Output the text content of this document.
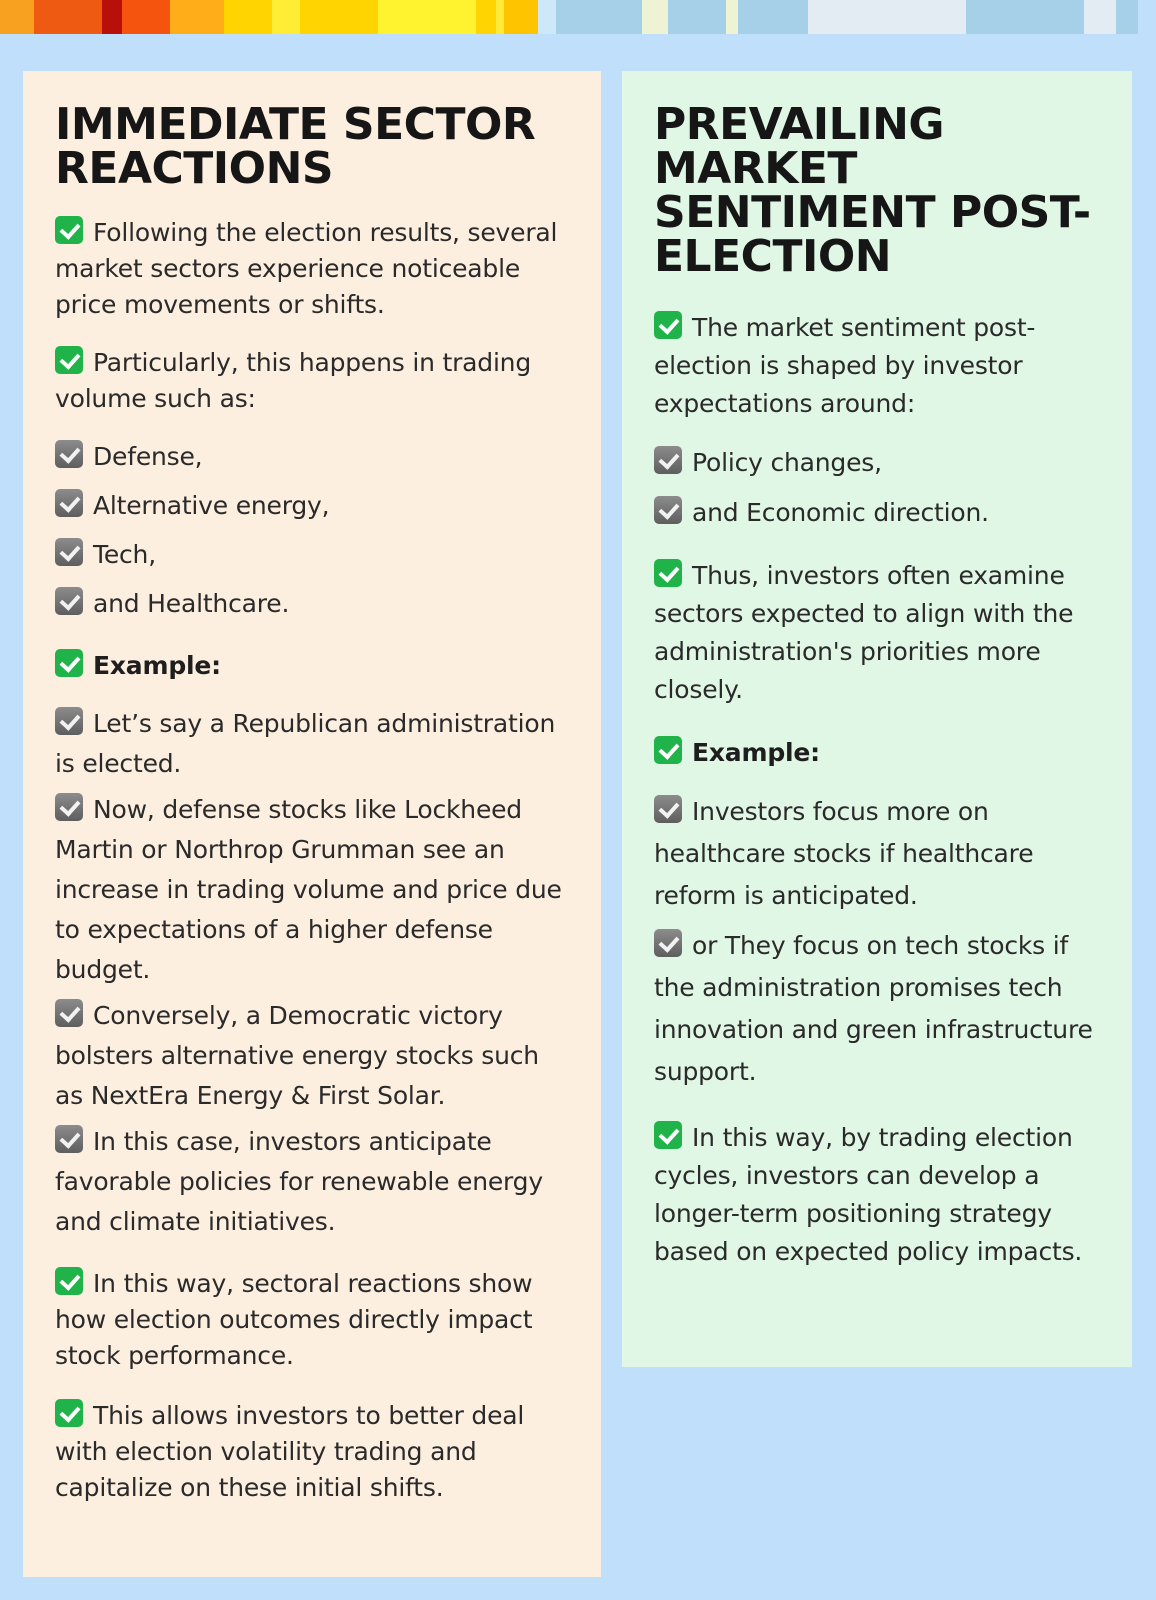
IMMEDIATE SECTOR REACTIONS
Following the election results, several market sectors experience noticeable price movements or shifts.
Particularly, this happens in trading volume such as:
Defense,
Alternative energy,
Tech,
and Healthcare.
Example:
Let’s say a Republican administration is elected.
Now, defense stocks like Lockheed Martin or Northrop Grumman see an increase in trading volume and price due to expectations of a higher defense budget.
Conversely, a Democratic victory bolsters alternative energy stocks such as NextEra Energy & First Solar.
In this case, investors anticipate favorable policies for renewable energy and climate initiatives.
In this way, sectoral reactions show how election outcomes directly impact stock performance.
This allows investors to better deal with election volatility trading and capitalize on these initial shifts.
PREVAILING MARKET SENTIMENT POST-ELECTION
The market sentiment post-election is shaped by investor expectations around:
Policy changes,
and Economic direction.
Thus, investors often examine sectors expected to align with the administration's priorities more closely.
Example:
Investors focus more on healthcare stocks if healthcare reform is anticipated.
or They focus on tech stocks if the administration promises tech innovation and green infrastructure support.
In this way, by trading election cycles, investors can develop a longer-term positioning strategy based on expected policy impacts.
